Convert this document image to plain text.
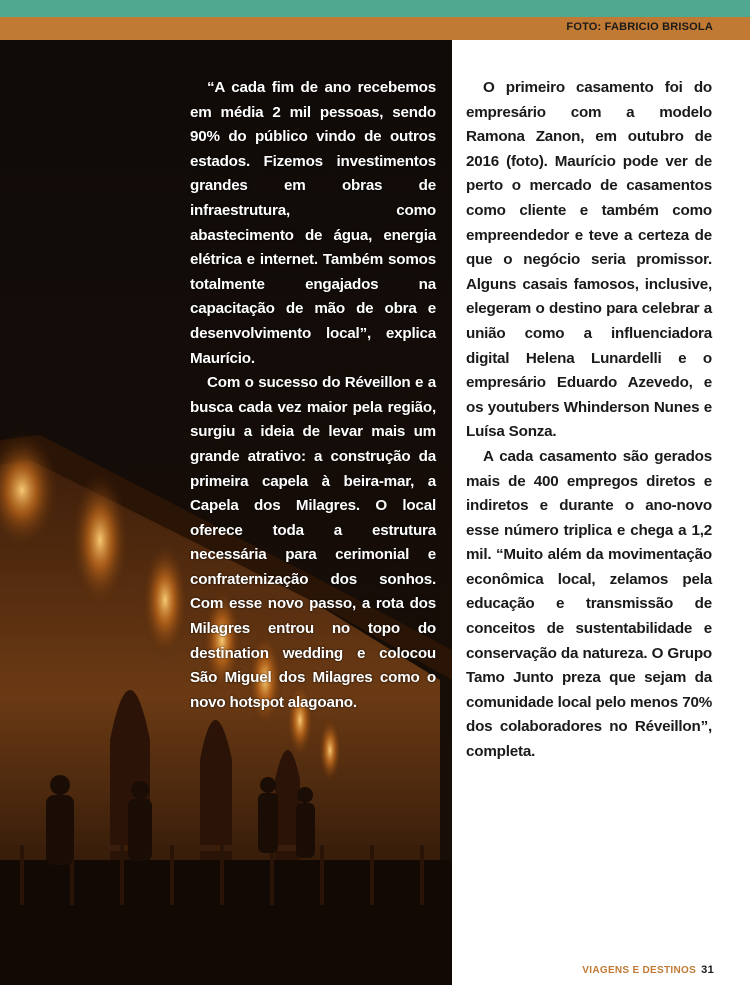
FOTO: FABRICIO BRISOLA

“A cada fim de ano recebemos em média 2 mil pessoas, sendo 90% do público vindo de outros estados. Fizemos investimentos grandes em obras de infraestrutura, como abastecimento de água, energia elétrica e internet. Também somos totalmente engajados na capacitação de mão de obra e desenvolvimento local”, explica Maurício.

Com o sucesso do Réveillon e a busca cada vez maior pela região, surgiu a ideia de levar mais um grande atrativo: a construção da primeira capela à beira-mar, a Capela dos Milagres. O local oferece toda a estrutura necessária para cerimonial e confraternização dos sonhos. Com esse novo passo, a rota dos Milagres entrou no topo do destination wedding e colocou São Miguel dos Milagres como o novo hotspot alagoano.

O primeiro casamento foi do empresário com a modelo Ramona Zanon, em outubro de 2016 (foto). Maurício pode ver de perto o mercado de casamentos como cliente e também como empreendedor e teve a certeza de que o negócio seria promissor. Alguns casais famosos, inclusive, elegeram o destino para celebrar a união como a influenciadora digital Helena Lunardelli e o empresário Eduardo Azevedo, e os youtubers Whinderson Nunes e Luísa Sonza.

A cada casamento são gerados mais de 400 empregos diretos e indiretos e durante o ano-novo esse número triplica e chega a 1,2 mil. “Muito além da movimentação econômica local, zelamos pela educação e transmissão de conceitos de sustentabilidade e conservação da natureza. O Grupo Tamo Junto preza que sejam da comunidade local pelo menos 70% dos colaboradores no Réveillon”, completa.

VIAGENS E DESTINOS 31
